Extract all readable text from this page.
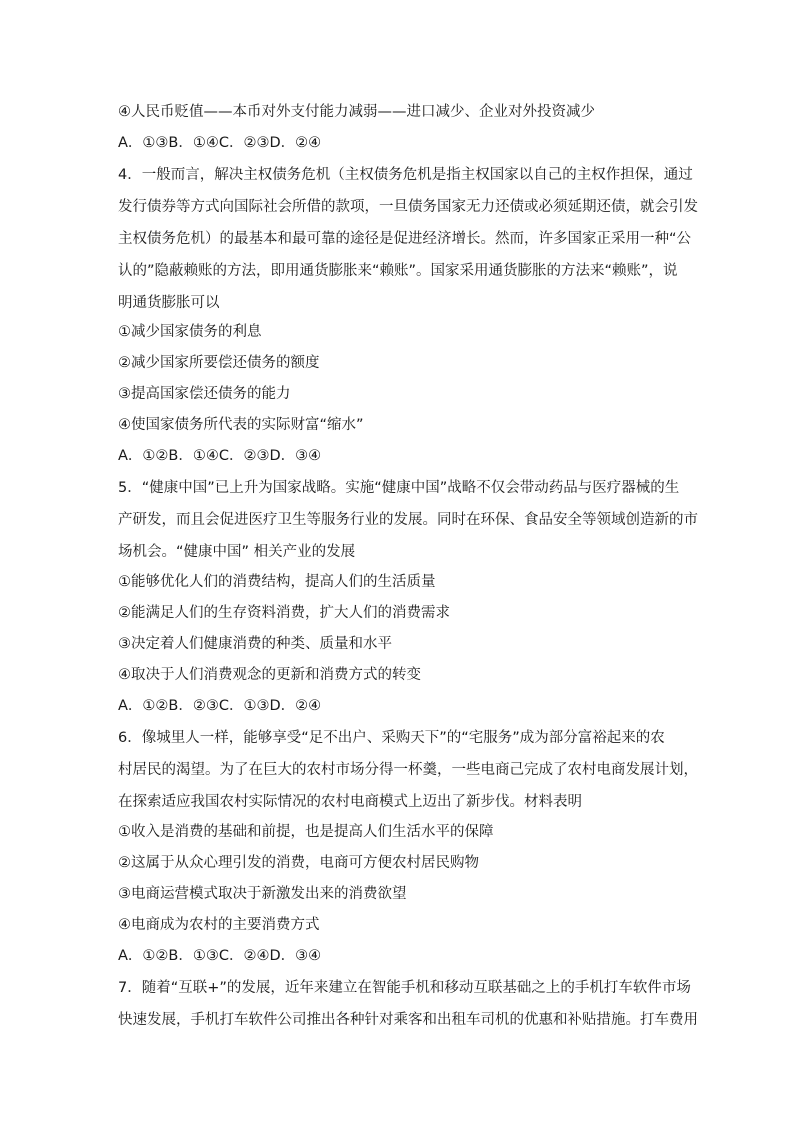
④人民币贬值——本币对外支付能力减弱——进口减少、企业对外投资减少
A．①③B．①④C．②③D．②④
4．一般而言，解决主权债务危机（主权债务危机是指主权国家以自己的主权作担保，通过
发行债券等方式向国际社会所借的款项，一旦债务国家无力还债或必须延期还债，就会引发
主权债务危机）的最基本和最可靠的途径是促进经济增长。然而，许多国家正采用一种“公
认的”隐蔽赖账的方法，即用通货膨胀来“赖账”。国家采用通货膨胀的方法来“赖账”，说
明通货膨胀可以
①减少国家债务的利息
②减少国家所要偿还债务的额度
③提高国家偿还债务的能力
④使国家债务所代表的实际财富“缩水”
A．①②B．①④C．②③D．③④
5．“健康中国”已上升为国家战略。实施“健康中国”战略不仅会带动药品与医疗器械的生
产研发，而且会促进医疗卫生等服务行业的发展。同时在环保、食品安全等领域创造新的市
场机会。“健康中国” 相关产业的发展
①能够优化人们的消费结构，提高人们的生活质量
②能满足人们的生存资料消费，扩大人们的消费需求
③决定着人们健康消费的种类、质量和水平
④取决于人们消费观念的更新和消费方式的转变
A．①②B．②③C．①③D．②④
6．像城里人一样，能够享受“足不出户、采购天下”的“宅服务”成为部分富裕起来的农
村居民的渴望。为了在巨大的农村市场分得一杯羹，一些电商己完成了农村电商发展计划，
在探索适应我国农村实际情况的农村电商模式上迈出了新步伐。材料表明
①收入是消费的基础和前提，也是提高人们生活水平的保障
②这属于从众心理引发的消费，电商可方便农村居民购物
③电商运营模式取决于新激发出来的消费欲望
④电商成为农村的主要消费方式
A．①②B．①③C．②④D．③④
7．随着“互联+”的发展，近年来建立在智能手机和移动互联基础之上的手机打车软件市场
快速发展，手机打车软件公司推出各种针对乘客和出租车司机的优惠和补贴措施。打车费用
